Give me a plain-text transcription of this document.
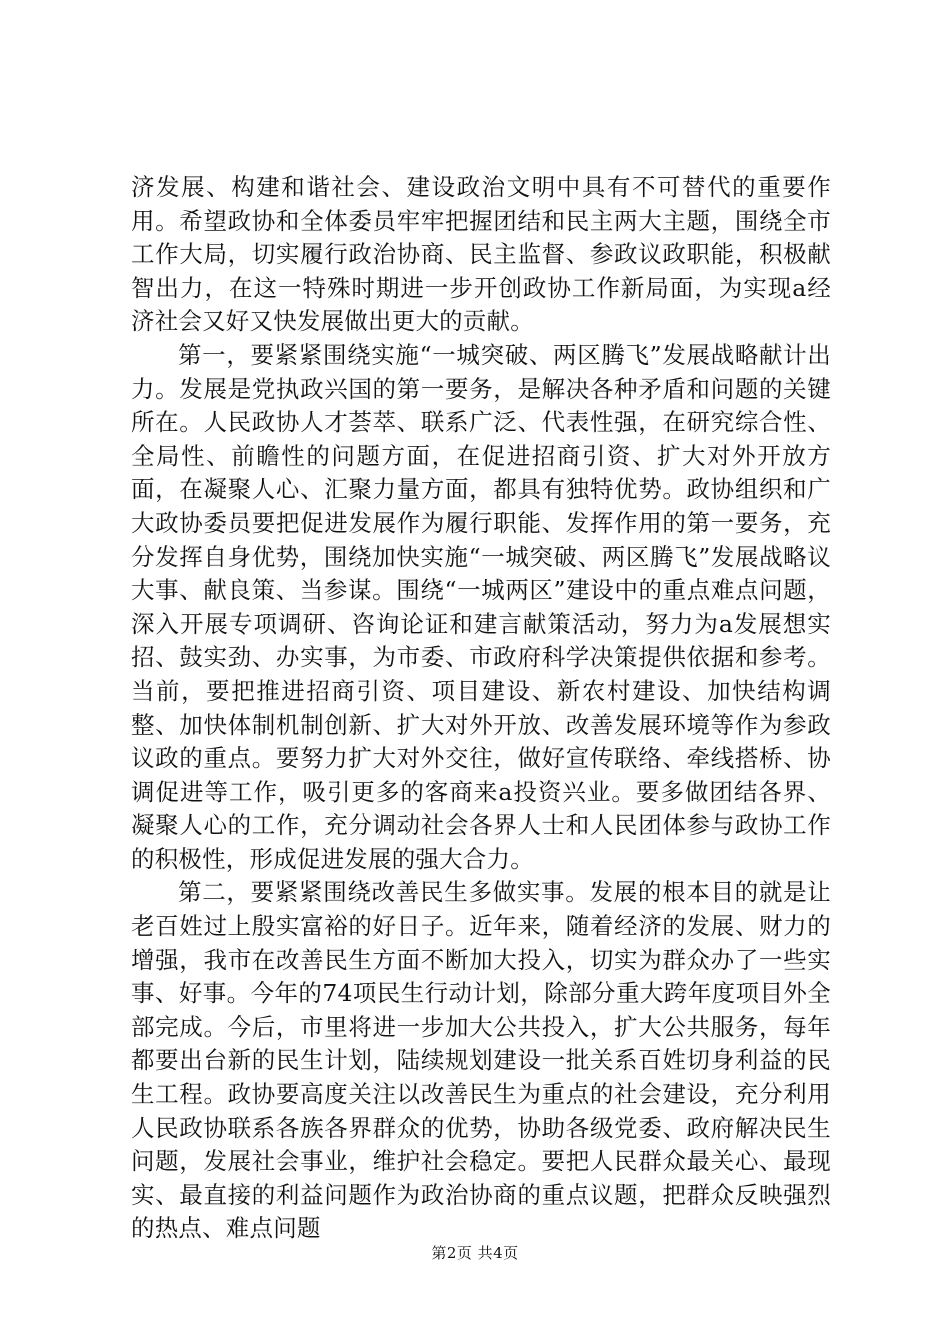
济发展、构建和谐社会、建设政治文明中具有不可替代的重要作用。希望政协和全体委员牢牢把握团结和民主两大主题，围绕全市工作大局，切实履行政治协商、民主监督、参政议政职能，积极献智出力，在这一特殊时期进一步开创政协工作新局面，为实现a经济社会又好又快发展做出更大的贡献。

第一，要紧紧围绕实施“一城突破、两区腾飞”发展战略献计出力。发展是党执政兴国的第一要务，是解决各种矛盾和问题的关键所在。人民政协人才荟萃、联系广泛、代表性强，在研究综合性、全局性、前瞻性的问题方面，在促进招商引资、扩大对外开放方面，在凝聚人心、汇聚力量方面，都具有独特优势。政协组织和广大政协委员要把促进发展作为履行职能、发挥作用的第一要务，充分发挥自身优势，围绕加快实施“一城突破、两区腾飞”发展战略议大事、献良策、当参谋。围绕“一城两区”建设中的重点难点问题，深入开展专项调研、咨询论证和建言献策活动，努力为a发展想实招、鼓实劲、办实事，为市委、市政府科学决策提供依据和参考。当前，要把推进招商引资、项目建设、新农村建设、加快结构调整、加快体制机制创新、扩大对外开放、改善发展环境等作为参政议政的重点。要努力扩大对外交往，做好宣传联络、牵线搭桥、协调促进等工作，吸引更多的客商来a投资兴业。要多做团结各界、凝聚人心的工作，充分调动社会各界人士和人民团体参与政协工作的积极性，形成促进发展的强大合力。

第二，要紧紧围绕改善民生多做实事。发展的根本目的就是让老百姓过上殷实富裕的好日子。近年来，随着经济的发展、财力的增强，我市在改善民生方面不断加大投入，切实为群众办了一些实事、好事。今年的74项民生行动计划，除部分重大跨年度项目外全部完成。今后，市里将进一步加大公共投入，扩大公共服务，每年都要出台新的民生计划，陆续规划建设一批关系百姓切身利益的民生工程。政协要高度关注以改善民生为重点的社会建设，充分利用人民政协联系各族各界群众的优势，协助各级党委、政府解决民生问题，发展社会事业，维护社会稳定。要把人民群众最关心、最现实、最直接的利益问题作为政治协商的重点议题，把群众反映强烈的热点、难点问题

第2页 共4页
